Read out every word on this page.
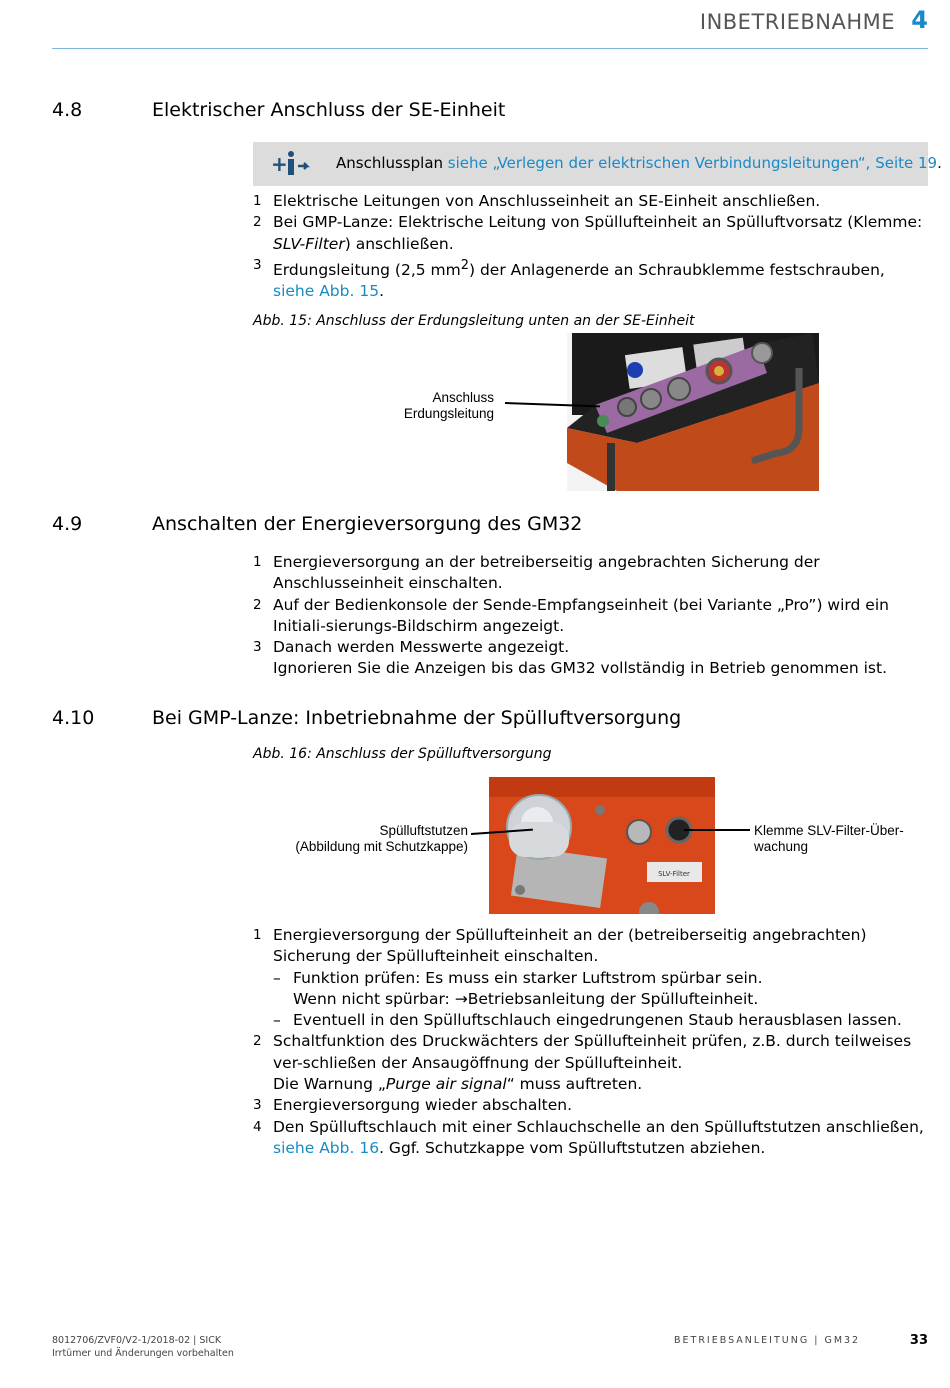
INBETRIEBNAHME 4
4.8	Elektrischer Anschluss der SE-Einheit
+	Anschlussplan siehe „Verlegen der elektrischen Verbindungsleitungen“, Seite 19.
1 Elektrische Leitungen von Anschlusseinheit an SE-Einheit anschließen.
2 Bei GMP-Lanze: Elektrische Leitung von Spüllufteinheit an Spülluftvorsatz (Klemme:
SLV-Filter) anschließen.
3 Erdungsleitung (2,5 $mm^2$) der Anlagenerde an Schraubklemme festschrauben, siehe Abb. 15.
Abb. 15: Anschluss der Erdungsleitung unten an der SE-Einheit
Anschluss
Erdungsleitung
4.9	Anschalten der Energieversorgung des GM32
1 Energieversorgung an der betreiberseitig angebrachten Sicherung der Anschlusseinheit einschalten.
2 Auf der Bedienkonsole der Sende-Empfangseinheit (bei Variante „Pro”) wird ein Initiali-sierungs-Bildschirm angezeigt.
3 Danach werden Messwerte angezeigt.
Ignorieren Sie die Anzeigen bis das GM32 vollständig in Betrieb genommen ist.
4.10	Bei GMP-Lanze: Inbetriebnahme der Spülluftversorgung
Abb. 16: Anschluss der Spülluftversorgung
SLV-Filter
Spülluftstutzen
(Abbildung mit Schutzkappe)
Klemme SLV-Filter-Über-
wachung
1 Energieversorgung der Spüllufteinheit an der (betreiberseitig angebrachten) Sicherung der Spüllufteinheit einschalten.
– Funktion prüfen: Es muss ein starker Luftstrom spürbar sein.
Wenn nicht spürbar: →Betriebsanleitung der Spüllufteinheit.
– Eventuell in den Spülluftschlauch eingedrungenen Staub herausblasen lassen.
2 Schaltfunktion des Druckwächters der Spüllufteinheit prüfen, z.B. durch teilweises ver-schließen der Ansaugöffnung der Spüllufteinheit.
Die Warnung „Purge air signal“ muss auftreten.
3 Energieversorgung wieder abschalten.
4 Den Spülluftschlauch mit einer Schlauchschelle an den Spülluftstutzen anschließen, siehe Abb. 16. Ggf. Schutzkappe vom Spülluftstutzen abziehen.
8012706/ZVF0/V2-1/2018-02 | SICK
Irrtümer und Änderungen vorbehalten
BETRIEBSANLEITUNG | GM32	33
